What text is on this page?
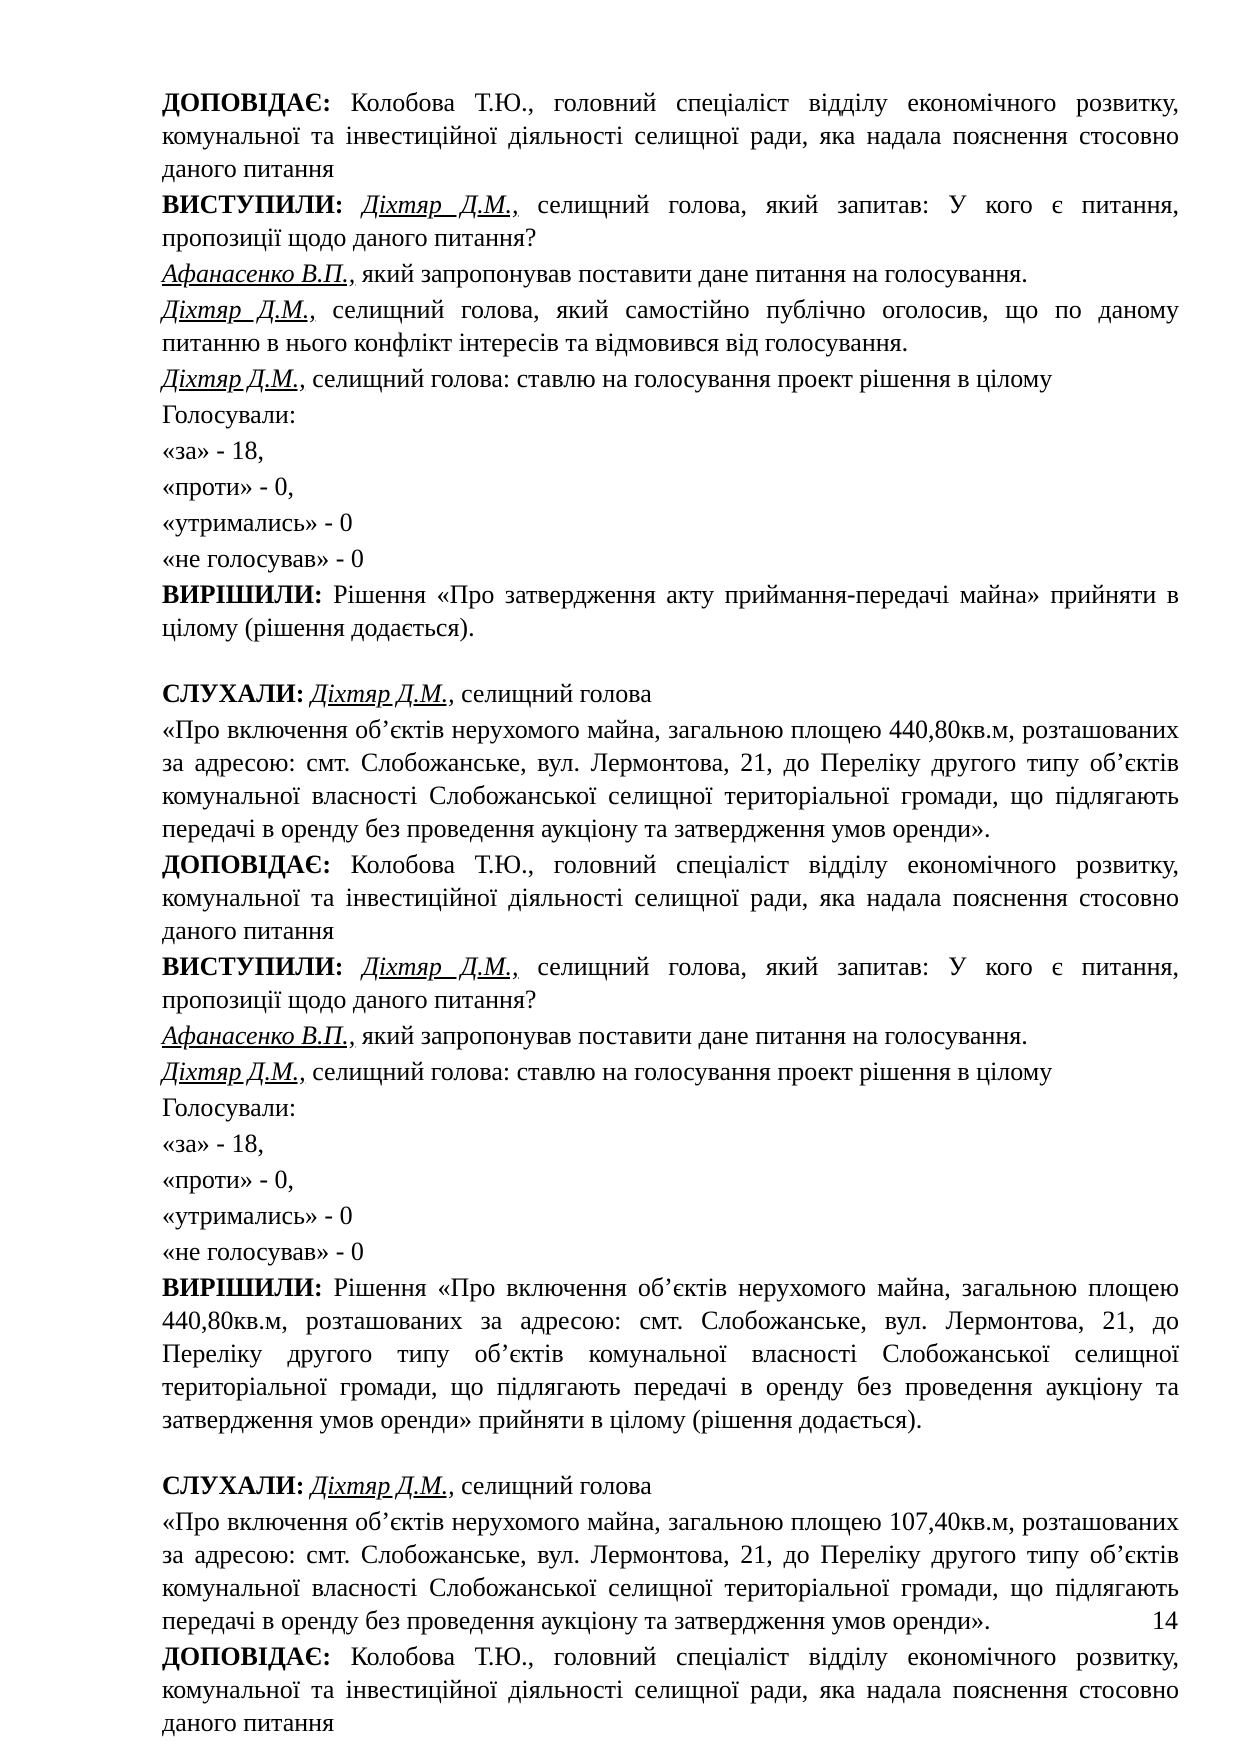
ДОПОВІДАЄ: Колобова Т.Ю., головний спеціаліст відділу економічного розвитку, комунальної та інвестиційної діяльності селищної ради, яка надала пояснення стосовно даного питання

ВИСТУПИЛИ: Діхтяр Д.М., селищний голова, який запитав: У кого є питання, пропозиції щодо даного питання?

Афанасенко В.П., який запропонував поставити дане питання на голосування.

Діхтяр Д.М., селищний голова, який самостійно публічно оголосив, що по даному питанню в нього конфлікт інтересів та відмовився від голосування.

Діхтяр Д.М., селищний голова: ставлю на голосування проект рішення в цілому

Голосували:

«за» - 18,

«проти» - 0,

«утримались» - 0

«не голосував» - 0

ВИРІШИЛИ: Рішення «Про затвердження акту приймання-передачі майна» прийняти в цілому (рішення додається).

СЛУХАЛИ: Діхтяр Д.М., селищний голова

«Про включення об’єктів нерухомого майна, загальною площею 440,80кв.м, розташованих за адресою: смт. Слобожанське, вул. Лермонтова, 21, до Переліку другого типу об’єктів комунальної власності Слобожанської селищної територіальної громади, що підлягають передачі в оренду без проведення аукціону та затвердження умов оренди».

ДОПОВІДАЄ: Колобова Т.Ю., головний спеціаліст відділу економічного розвитку, комунальної та інвестиційної діяльності селищної ради, яка надала пояснення стосовно даного питання

ВИСТУПИЛИ: Діхтяр Д.М., селищний голова, який запитав: У кого є питання, пропозиції щодо даного питання?

Афанасенко В.П., який запропонував поставити дане питання на голосування.

Діхтяр Д.М., селищний голова: ставлю на голосування проект рішення в цілому

Голосували:

«за» - 18,

«проти» - 0,

«утримались» - 0

«не голосував» - 0

ВИРІШИЛИ: Рішення «Про включення об’єктів нерухомого майна, загальною площею 440,80кв.м, розташованих за адресою: смт. Слобожанське, вул. Лермонтова, 21, до Переліку другого типу об’єктів комунальної власності Слобожанської селищної територіальної громади, що підлягають передачі в оренду без проведення аукціону та затвердження умов оренди» прийняти в цілому (рішення додається).

СЛУХАЛИ: Діхтяр Д.М., селищний голова

«Про включення об’єктів нерухомого майна, загальною площею 107,40кв.м, розташованих за адресою: смт. Слобожанське, вул. Лермонтова, 21, до Переліку другого типу об’єктів комунальної власності Слобожанської селищної територіальної громади, що підлягають передачі в оренду без проведення аукціону та затвердження умов оренди».

ДОПОВІДАЄ: Колобова Т.Ю., головний спеціаліст відділу економічного розвитку, комунальної та інвестиційної діяльності селищної ради, яка надала пояснення стосовно даного питання

14
